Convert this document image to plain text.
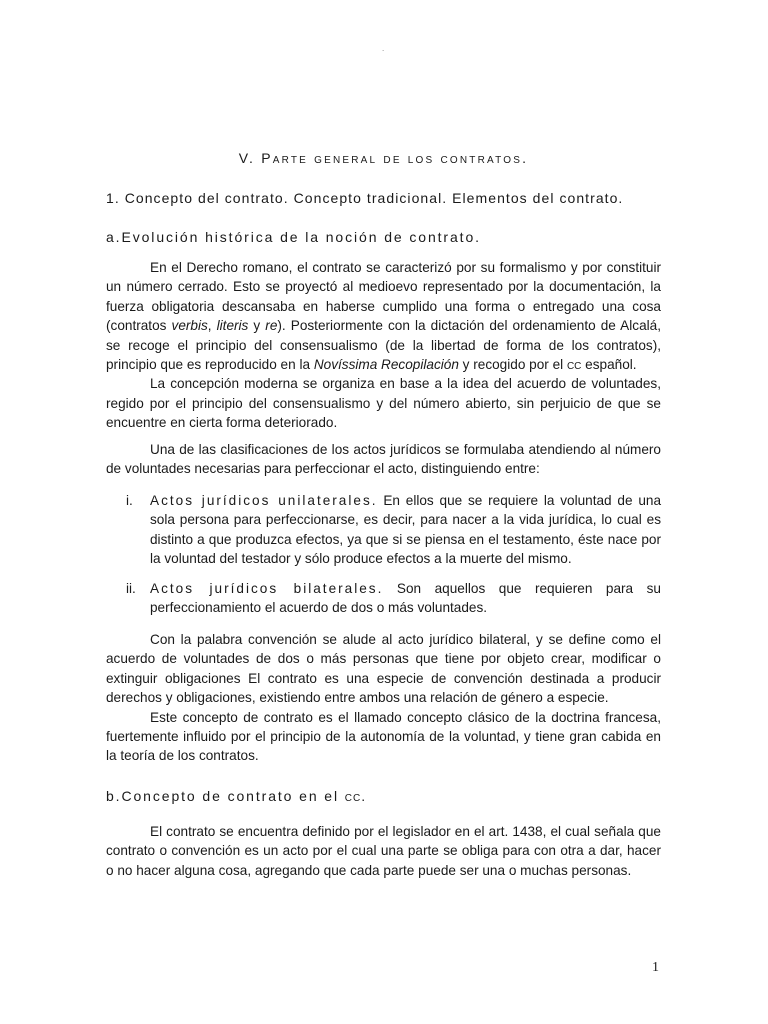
.
V. Parte general de los contratos.
1. Concepto del contrato. Concepto tradicional. Elementos del contrato.
a.Evolución histórica de la noción de contrato.

En el Derecho romano, el contrato se caracterizó por su formalismo y por constituir un número cerrado. Esto se proyectó al medioevo representado por la documentación, la fuerza obligatoria descansaba en haberse cumplido una forma o entregado una cosa (contratos verbis, literis y re). Posteriormente con la dictación del ordenamiento de Alcalá, se recoge el principio del consensualismo (de la libertad de forma de los contratos), principio que es reproducido en la Novíssima Recopilación y recogido por el cc español.

La concepción moderna se organiza en base a la idea del acuerdo de voluntades, regido por el principio del consensualismo y del número abierto, sin perjuicio de que se encuentre en cierta forma deteriorado.

Una de las clasificaciones de los actos jurídicos se formulaba atendiendo al número de voluntades necesarias para perfeccionar el acto, distinguiendo entre:

i.	Actos jurídicos unilaterales. En ellos que se requiere la voluntad de una sola persona para perfeccionarse, es decir, para nacer a la vida jurídica, lo cual es distinto a que produzca efectos, ya que si se piensa en el testamento, éste nace por la voluntad del testador y sólo produce efectos a la muerte del mismo.

ii.	Actos jurídicos bilaterales. Son aquellos que requieren para su perfeccionamiento el acuerdo de dos o más voluntades.

Con la palabra convención se alude al acto jurídico bilateral, y se define como el acuerdo de voluntades de dos o más personas que tiene por objeto crear, modificar o extinguir obligaciones El contrato es una especie de convención destinada a producir derechos y obligaciones, existiendo entre ambos una relación de género a especie.

Este concepto de contrato es el llamado concepto clásico de la doctrina francesa, fuertemente influido por el principio de la autonomía de la voluntad, y tiene gran cabida en la teoría de los contratos.

b.Concepto de contrato en el cc.

El contrato se encuentra definido por el legislador en el art. 1438, el cual señala que contrato o convención es un acto por el cual una parte se obliga para con otra a dar, hacer o no hacer alguna cosa, agregando que cada parte puede ser una o muchas personas.

1
